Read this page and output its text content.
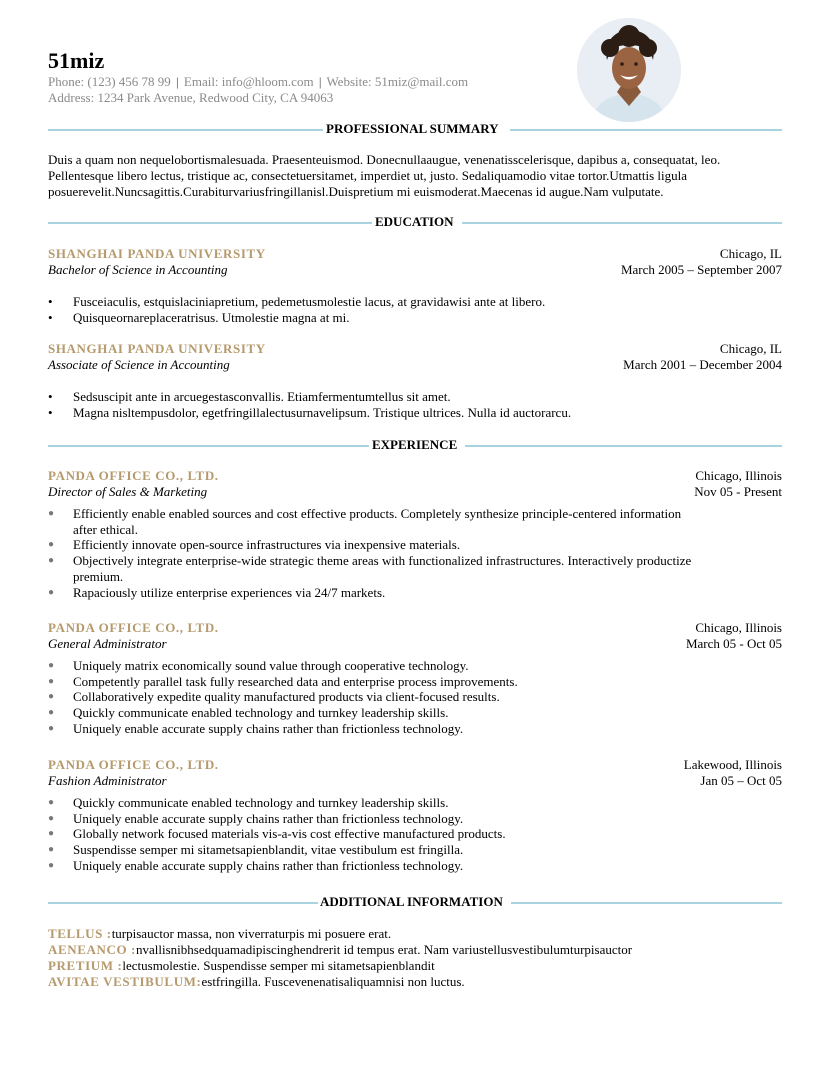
51miz
Phone: (123) 456 78 99 | Email: info@hloom.com | Website: 51miz@mail.com
Address: 1234 Park Avenue, Redwood City, CA 94063
PROFESSIONAL SUMMARY
Duis a quam non nequelobortismalesuada. Praesenteuismod. Donecnullaaugue, venenatisscelerisque, dapibus a, consequatat, leo.
Pellentesque libero lectus, tristique ac, consectetuersitamet, imperdiet ut, justo. Sedaliquamodio vitae tortor.Utmattis ligula
posuerevelit.Nuncsagittis.Curabiturvariusfringillanisl.Duispretium mi euismoderat.Maecenas id augue.Nam vulputate.
EDUCATION
SHANGHAI PANDA UNIVERSITY	Chicago, IL
Bachelor of Science in Accounting	March 2005 – September 2007
• Fusceiaculis, estquislaciniapretium, pedemetusmolestie lacus, at gravidawisi ante at libero.
• Quisqueornareplaceratrisus. Utmolestie magna at mi.
SHANGHAI PANDA UNIVERSITY	Chicago, IL
Associate of Science in Accounting	March 2001 – December 2004
• Sedsuscipit ante in arcuegestasconvallis. Etiamfermentumtellus sit amet.
• Magna nisltempusdolor, egetfringillalectusurnavelipsum. Tristique ultrices. Nulla id auctorarcu.
EXPERIENCE
PANDA OFFICE CO., LTD.	Chicago, Illinois
Director of Sales & Marketing	Nov 05 - Present
● Efficiently enable enabled sources and cost effective products. Completely synthesize principle-centered information
after ethical.
● Efficiently innovate open-source infrastructures via inexpensive materials.
● Objectively integrate enterprise-wide strategic theme areas with functionalized infrastructures. Interactively productize
premium.
● Rapaciously utilize enterprise experiences via 24/7 markets.
PANDA OFFICE CO., LTD.	Chicago, Illinois
General Administrator	March 05 - Oct 05
● Uniquely matrix economically sound value through cooperative technology.
● Competently parallel task fully researched data and enterprise process improvements.
● Collaboratively expedite quality manufactured products via client-focused results.
● Quickly communicate enabled technology and turnkey leadership skills.
● Uniquely enable accurate supply chains rather than frictionless technology.
PANDA OFFICE CO., LTD.	Lakewood, Illinois
Fashion Administrator	Jan 05 – Oct 05
● Quickly communicate enabled technology and turnkey leadership skills.
● Uniquely enable accurate supply chains rather than frictionless technology.
● Globally network focused materials vis-a-vis cost effective manufactured products.
● Suspendisse semper mi sitametsapienblandit, vitae vestibulum est fringilla.
● Uniquely enable accurate supply chains rather than frictionless technology.
ADDITIONAL INFORMATION
TELLUS :turpisauctor massa, non viverraturpis mi posuere erat.
AENEANCO :nvallisnibhsedquamadipiscinghendrerit id tempus erat. Nam variustellusvestibulumturpisauctor
PRETIUM :lectusmolestie. Suspendisse semper mi sitametsapienblandit
AVITAE VESTIBULUM:estfringilla. Fuscevenenatisaliquamnisi non luctus.
